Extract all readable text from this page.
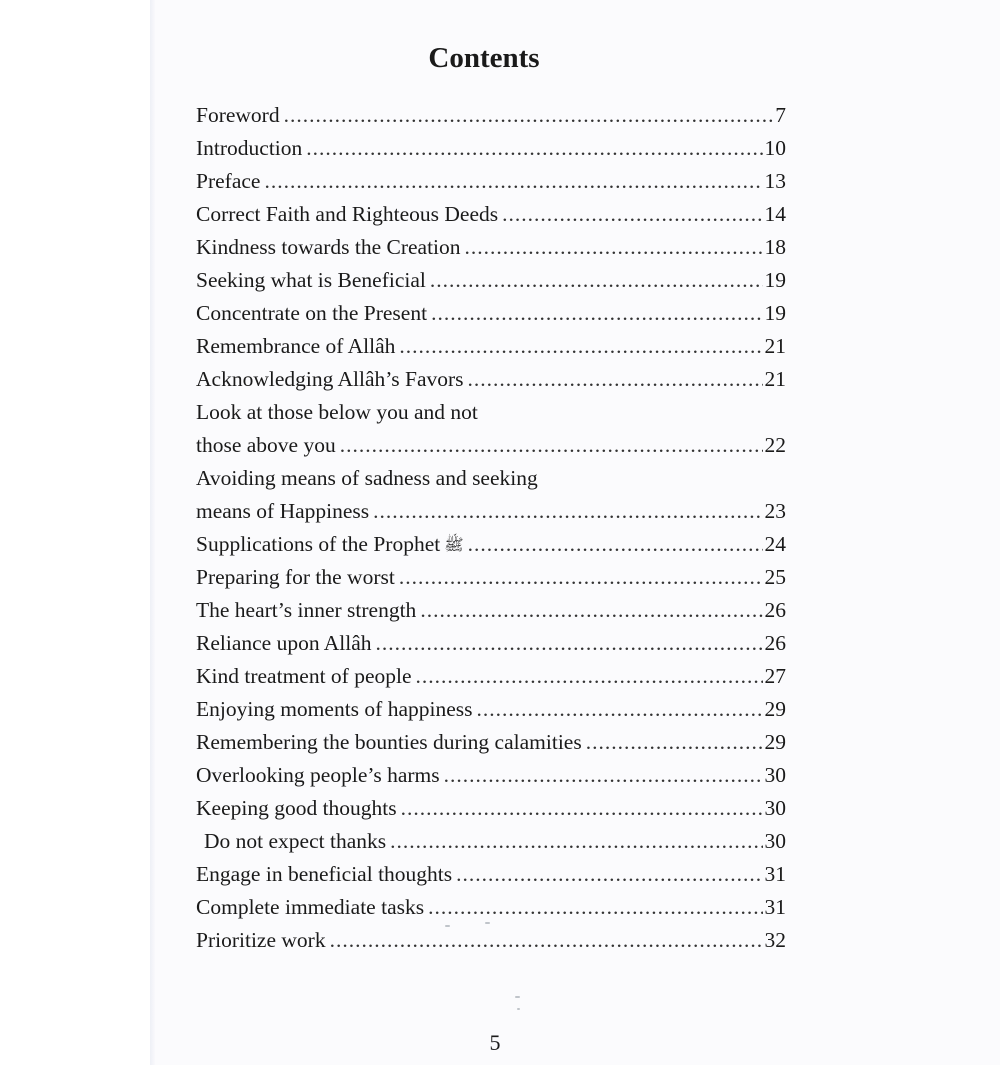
Contents
Foreword .....	7
Introduction .....	10
Preface .....	13
Correct Faith and Righteous Deeds .....	14
Kindness towards the Creation .....	18
Seeking what is Beneficial .....	19
Concentrate on the Present .....	19
Remembrance of Allâh .....	21
Acknowledging Allâh’s Favors .....	21
Look at those below you and not
those above you .....	22
Avoiding means of sadness and seeking
means of Happiness .....	23
Supplications of the Prophet ﷺ .....	24
Preparing for the worst .....	25
The heart’s inner strength .....	26
Reliance upon Allâh .....	26
Kind treatment of people .....	27
Enjoying moments of happiness .....	29
Remembering the bounties during calamities .....	29
Overlooking people’s harms .....	30
Keeping good thoughts .....	30
Do not expect thanks .....	30
Engage in beneficial thoughts .....	31
Complete immediate tasks .....	31
Prioritize work .....	32
5
